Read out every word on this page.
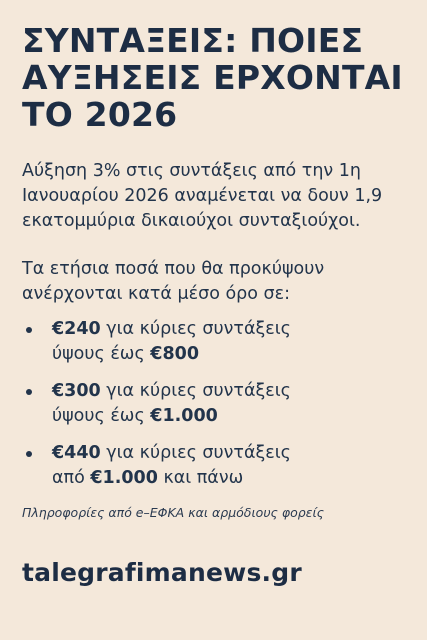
ΣΥΝΤΑΞΕΙΣ: ΠΟΙΕΣ
ΑΥΞΗΣΕΙΣ ΕΡΧΟΝΤΑΙ
ΤΟ 2026

Αύξηση 3% στις συντάξεις από την 1η Ιανουαρίου 2026 αναμένεται να δουν 1,9 εκατομμύρια δικαιούχοι συνταξιούχοι.

Τα ετήσια ποσά που θα προκύψουν ανέρχονται κατά μέσο όρο σε:

€240 για κύριες συντάξεις
ύψους έως €800
€300 για κύριες συντάξεις
ύψους έως €1.000
€440 για κύριες συντάξεις
από €1.000 και πάνω

Πληροφορίες από e–ΕΦΚΑ και αρμόδιους φορείς

talegrafimanews.gr
